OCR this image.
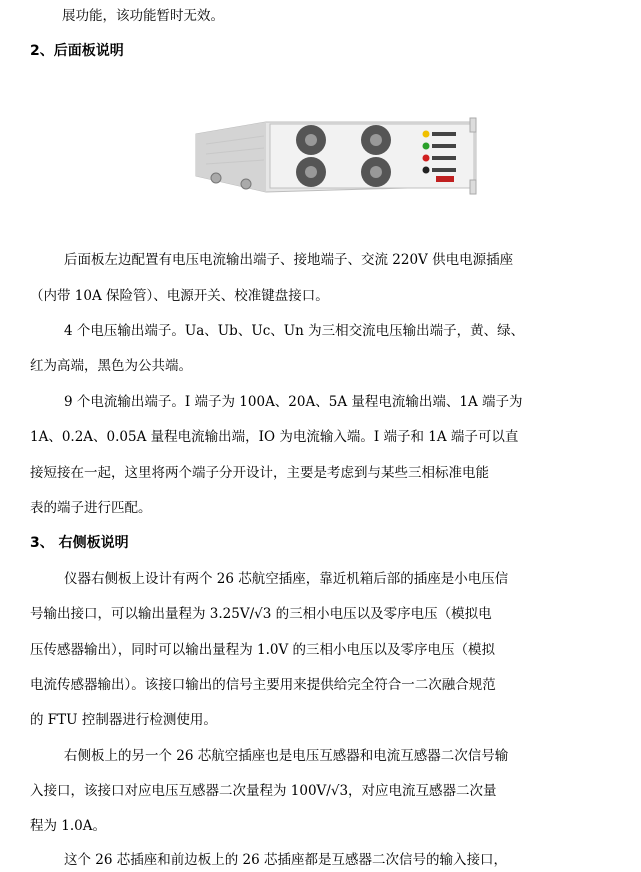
展功能，该功能暂时无效。
2、后面板说明
后面板左边配置有电压电流输出端子、接地端子、交流 220V 供电电源插座
（内带 10A 保险管）、电源开关、校准键盘接口。
4 个电压输出端子。Ua、Ub、Uc、Un 为三相交流电压输出端子，黄、绿、
红为高端，黑色为公共端。
9 个电流输出端子。I 端子为 100A、20A、5A 量程电流输出端、1A 端子为
1A、0.2A、0.05A 量程电流输出端，IO 为电流输入端。I 端子和 1A 端子可以直
接短接在一起，这里将两个端子分开设计，主要是考虑到与某些三相标准电能
表的端子进行匹配。
3、 右侧板说明
仪器右侧板上设计有两个 26 芯航空插座，靠近机箱后部的插座是小电压信
号输出接口，可以输出量程为 3.25V/√3 的三相小电压以及零序电压（模拟电
压传感器输出），同时可以输出量程为 1.0V 的三相小电压以及零序电压（模拟
电流传感器输出）。该接口输出的信号主要用来提供给完全符合一二次融合规范
的 FTU 控制器进行检测使用。
右侧板上的另一个 26 芯航空插座也是电压互感器和电流互感器二次信号输
入接口，该接口对应电压互感器二次量程为 100V/√3，对应电流互感器二次量
程为 1.0A。
这个 26 芯插座和前边板上的 26 芯插座都是互感器二次信号的输入接口，
